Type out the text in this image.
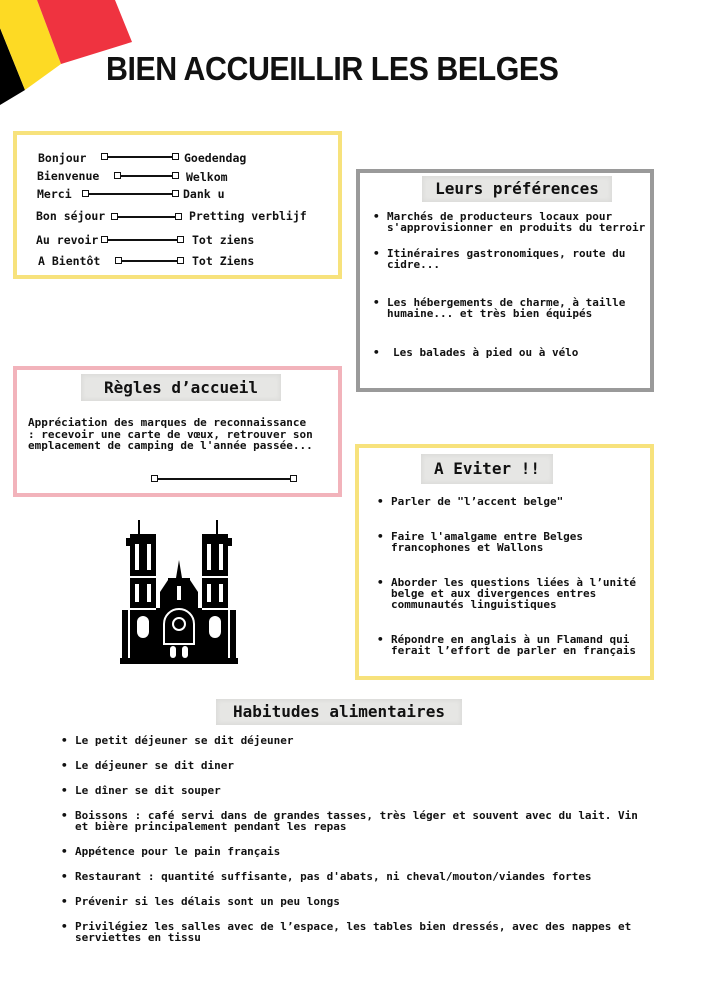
BIEN ACCUEILLIR LES BELGES
Bonjour	Goedendag
Bienvenue	Welkom
Merci	Dank u
Bon séjour	Pretting verblijf
Au revoir	Tot ziens
A Bientôt	Tot Ziens
Leurs préférences
• Marchés de producteurs locaux pour s'approvisionner en produits du terroir
• Itinéraires gastronomiques, route du cidre...
• Les hébergements de charme, à taille humaine... et très bien équipés
• Les balades à pied ou à vélo
Règles d’accueil
Appréciation des marques de reconnaissance : recevoir une carte de vœux, retrouver son emplacement de camping de l'année passée...
A Eviter !!
• Parler de "l’accent belge"
• Faire l'amalgame entre Belges francophones et Wallons
• Aborder les questions liées à l’unité belge et aux divergences entres communautés linguistiques
• Répondre en anglais à un Flamand qui ferait l’effort de parler en français
Habitudes alimentaires
• Le petit déjeuner se dit déjeuner
• Le déjeuner se dit diner
• Le dîner se dit souper
• Boissons : café servi dans de grandes tasses, très léger et souvent avec du lait. Vin et bière principalement pendant les repas
• Appétence pour le pain français
• Restaurant : quantité suffisante, pas d'abats, ni cheval/mouton/viandes fortes
• Prévenir si les délais sont un peu longs
• Privilégiez les salles avec de l’espace, les tables bien dressés, avec des nappes et serviettes en tissu
